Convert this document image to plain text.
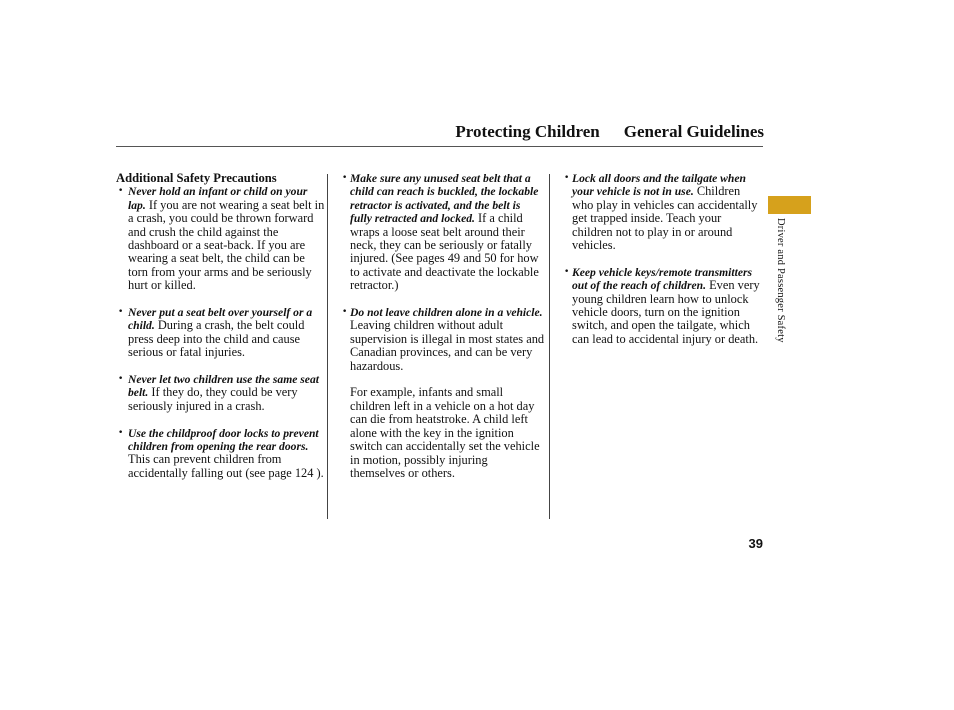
Protecting Children General Guidelines
Additional Safety Precautions
• Never hold an infant or child on your lap. If you are not wearing a seat belt in a crash, you could be thrown forward and crush the child against the dashboard or a seat-back. If you are wearing a seat belt, the child can be torn from your arms and be seriously hurt or killed.
• Never put a seat belt over yourself or a child. During a crash, the belt could press deep into the child and cause serious or fatal injuries.
• Never let two children use the same seat belt. If they do, they could be very seriously injured in a crash.
• Use the childproof door locks to prevent children from opening the rear doors. This can prevent children from accidentally falling out (see page 124 ).
• Make sure any unused seat belt that a child can reach is buckled, the lockable retractor is activated, and the belt is fully retracted and locked. If a child wraps a loose seat belt around their neck, they can be seriously or fatally injured. (See pages 49 and 50 for how to activate and deactivate the lockable retractor.)
• Do not leave children alone in a vehicle. Leaving children without adult supervision is illegal in most states and Canadian provinces, and can be very hazardous.
For example, infants and small children left in a vehicle on a hot day can die from heatstroke. A child left alone with the key in the ignition switch can accidentally set the vehicle in motion, possibly injuring themselves or others.
• Lock all doors and the tailgate when your vehicle is not in use. Children who play in vehicles can accidentally get trapped inside. Teach your children not to play in or around vehicles.
• Keep vehicle keys/remote transmitters out of the reach of children. Even very young children learn how to unlock vehicle doors, turn on the ignition switch, and open the tailgate, which can lead to accidental injury or death.	Driver and Passenger Safety
39
